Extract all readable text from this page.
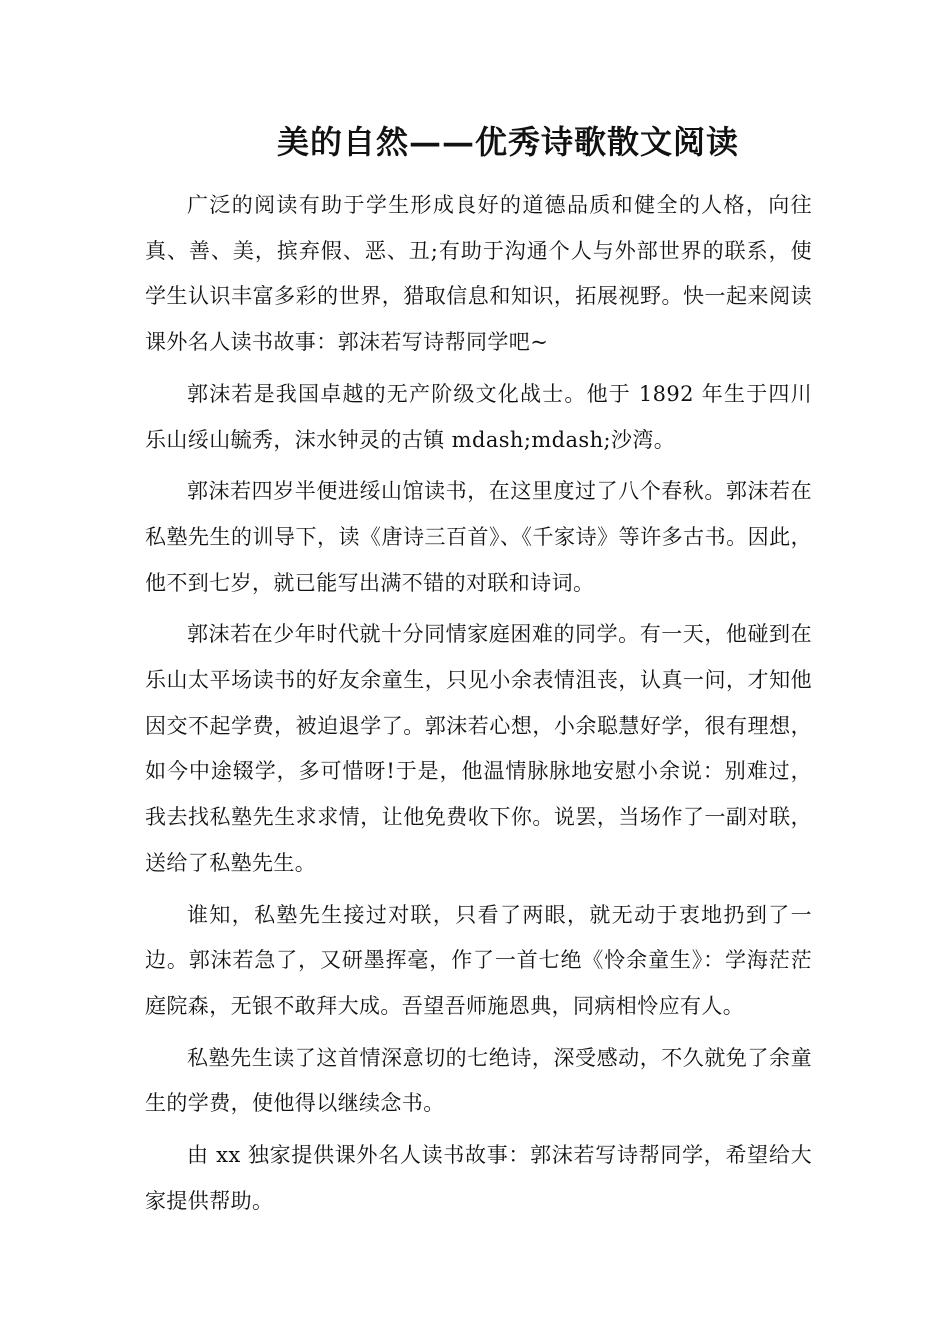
美的自然——优秀诗歌散文阅读

广泛的阅读有助于学生形成良好的道德品质和健全的人格，向往真、善、美，摈弃假、恶、丑;有助于沟通个人与外部世界的联系，使学生认识丰富多彩的世界，猎取信息和知识，拓展视野。快一起来阅读课外名人读书故事：郭沫若写诗帮同学吧~

郭沫若是我国卓越的无产阶级文化战士。他于 1892 年生于四川乐山绥山毓秀，沫水钟灵的古镇 mdash;mdash;沙湾。

郭沫若四岁半便进绥山馆读书，在这里度过了八个春秋。郭沫若在私塾先生的训导下，读《唐诗三百首》、《千家诗》等许多古书。因此，他不到七岁，就已能写出满不错的对联和诗词。

郭沫若在少年时代就十分同情家庭困难的同学。有一天，他碰到在乐山太平场读书的好友余童生，只见小余表情沮丧，认真一问，才知他因交不起学费，被迫退学了。郭沫若心想，小余聪慧好学，很有理想，如今中途辍学，多可惜呀!于是，他温情脉脉地安慰小余说：别难过，我去找私塾先生求求情，让他免费收下你。说罢，当场作了一副对联，送给了私塾先生。

谁知，私塾先生接过对联，只看了两眼，就无动于衷地扔到了一边。郭沫若急了，又研墨挥毫，作了一首七绝《怜余童生》：学海茫茫庭院森，无银不敢拜大成。吾望吾师施恩典，同病相怜应有人。

私塾先生读了这首情深意切的七绝诗，深受感动，不久就免了余童生的学费，使他得以继续念书。

由 xx 独家提供课外名人读书故事：郭沫若写诗帮同学，希望给大家提供帮助。
